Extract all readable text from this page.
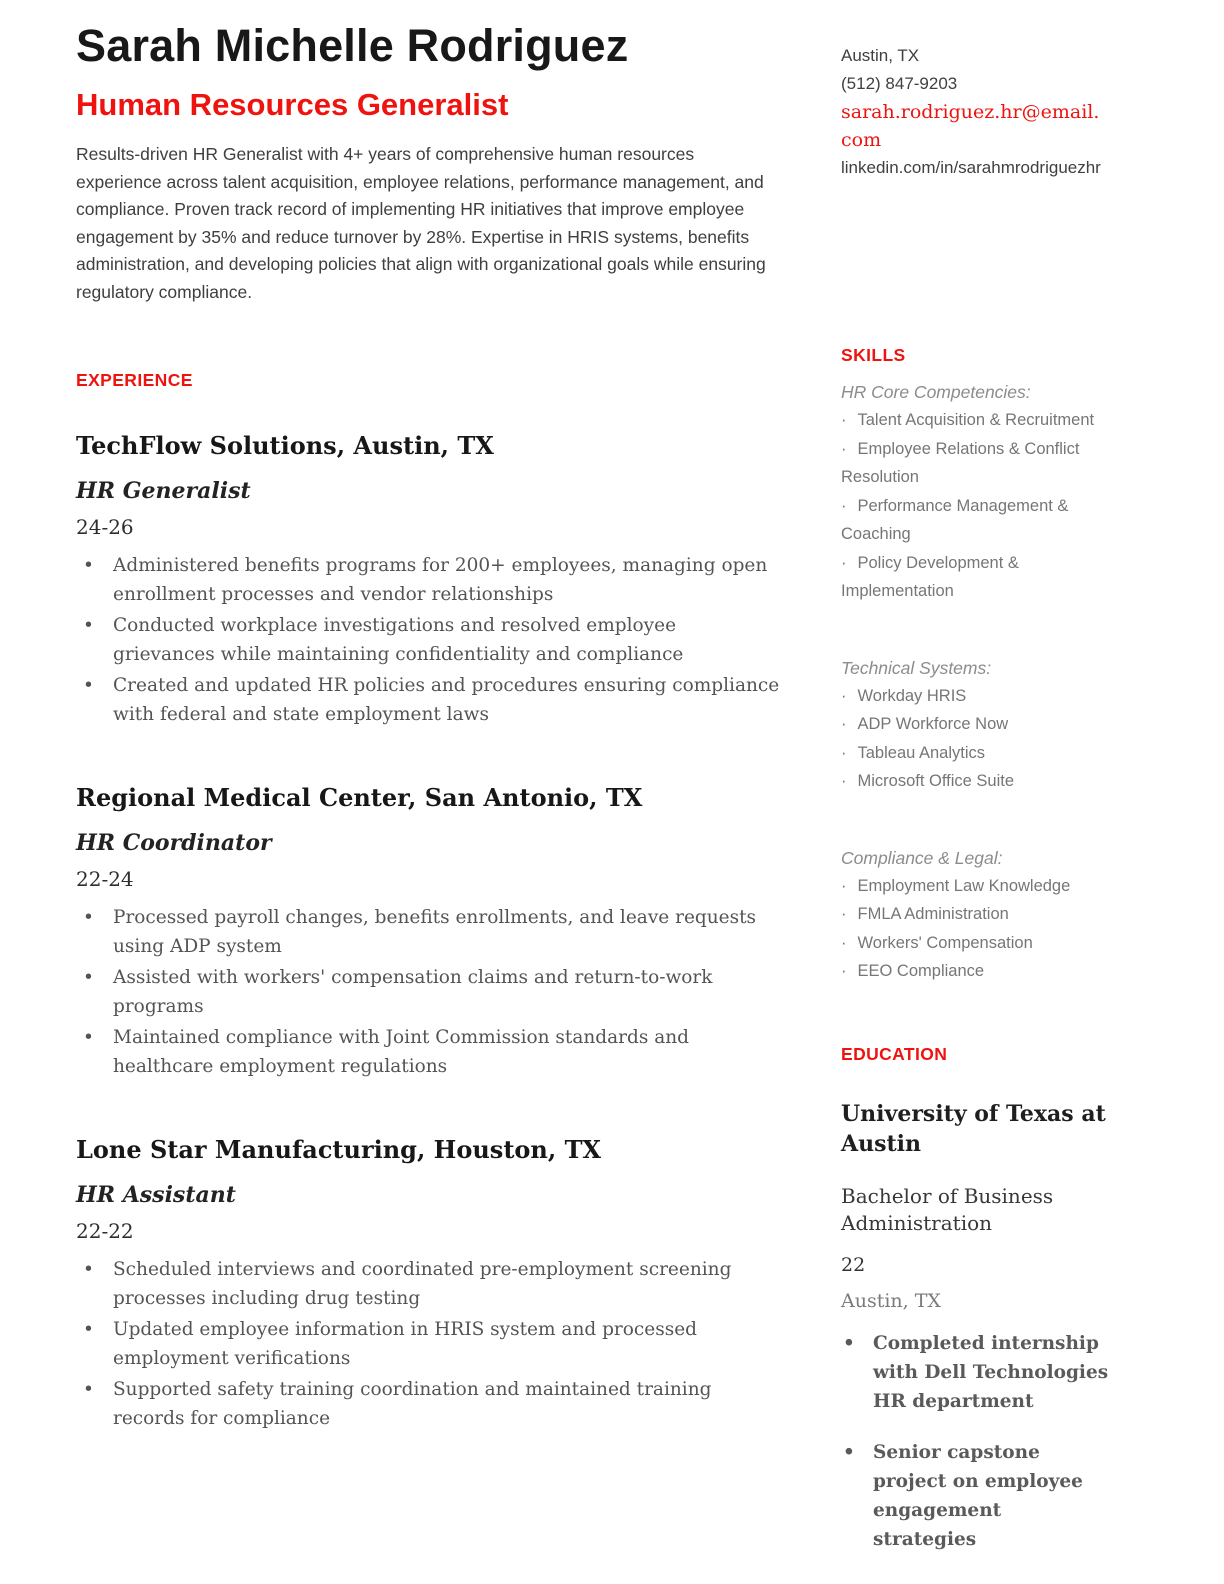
Sarah Michelle Rodriguez
Human Resources Generalist

Results-driven HR Generalist with 4+ years of comprehensive human resources experience across talent acquisition, employee relations, performance management, and compliance. Proven track record of implementing HR initiatives that improve employee engagement by 35% and reduce turnover by 28%. Expertise in HRIS systems, benefits administration, and developing policies that align with organizational goals while ensuring regulatory compliance.

EXPERIENCE
TechFlow Solutions, Austin, TX
HR Generalist
24-26
• Administered benefits programs for 200+ employees, managing open enrollment processes and vendor relationships
• Conducted workplace investigations and resolved employee grievances while maintaining confidentiality and compliance
• Created and updated HR policies and procedures ensuring compliance with federal and state employment laws
Regional Medical Center, San Antonio, TX
HR Coordinator
22-24
• Processed payroll changes, benefits enrollments, and leave requests using ADP system
• Assisted with workers' compensation claims and return-to-work programs
• Maintained compliance with Joint Commission standards and healthcare employment regulations
Lone Star Manufacturing, Houston, TX
HR Assistant
22-22
• Scheduled interviews and coordinated pre-employment screening processes including drug testing
• Updated employee information in HRIS system and processed employment verifications
• Supported safety training coordination and maintained training records for compliance
Austin, TX
(512) 847-9203
sarah.rodriguez.hr@email.com
linkedin.com/​in/​sarahmrodriguezhr
SKILLS
HR Core Competencies:
· Talent Acquisition & Recruitment
· Employee Relations & Conflict Resolution
· Performance Management & Coaching
· Policy Development & Implementation
Technical Systems:
· Workday HRIS
· ADP Workforce Now
· Tableau Analytics
· Microsoft Office Suite
Compliance & Legal:
· Employment Law Knowledge
· FMLA Administration
· Workers' Compensation
· EEO Compliance
EDUCATION
University of Texas at Austin
Bachelor of Business Administration
22
Austin, TX
• Completed internship with Dell Technologies HR department
• Senior capstone project on employee engagement strategies
